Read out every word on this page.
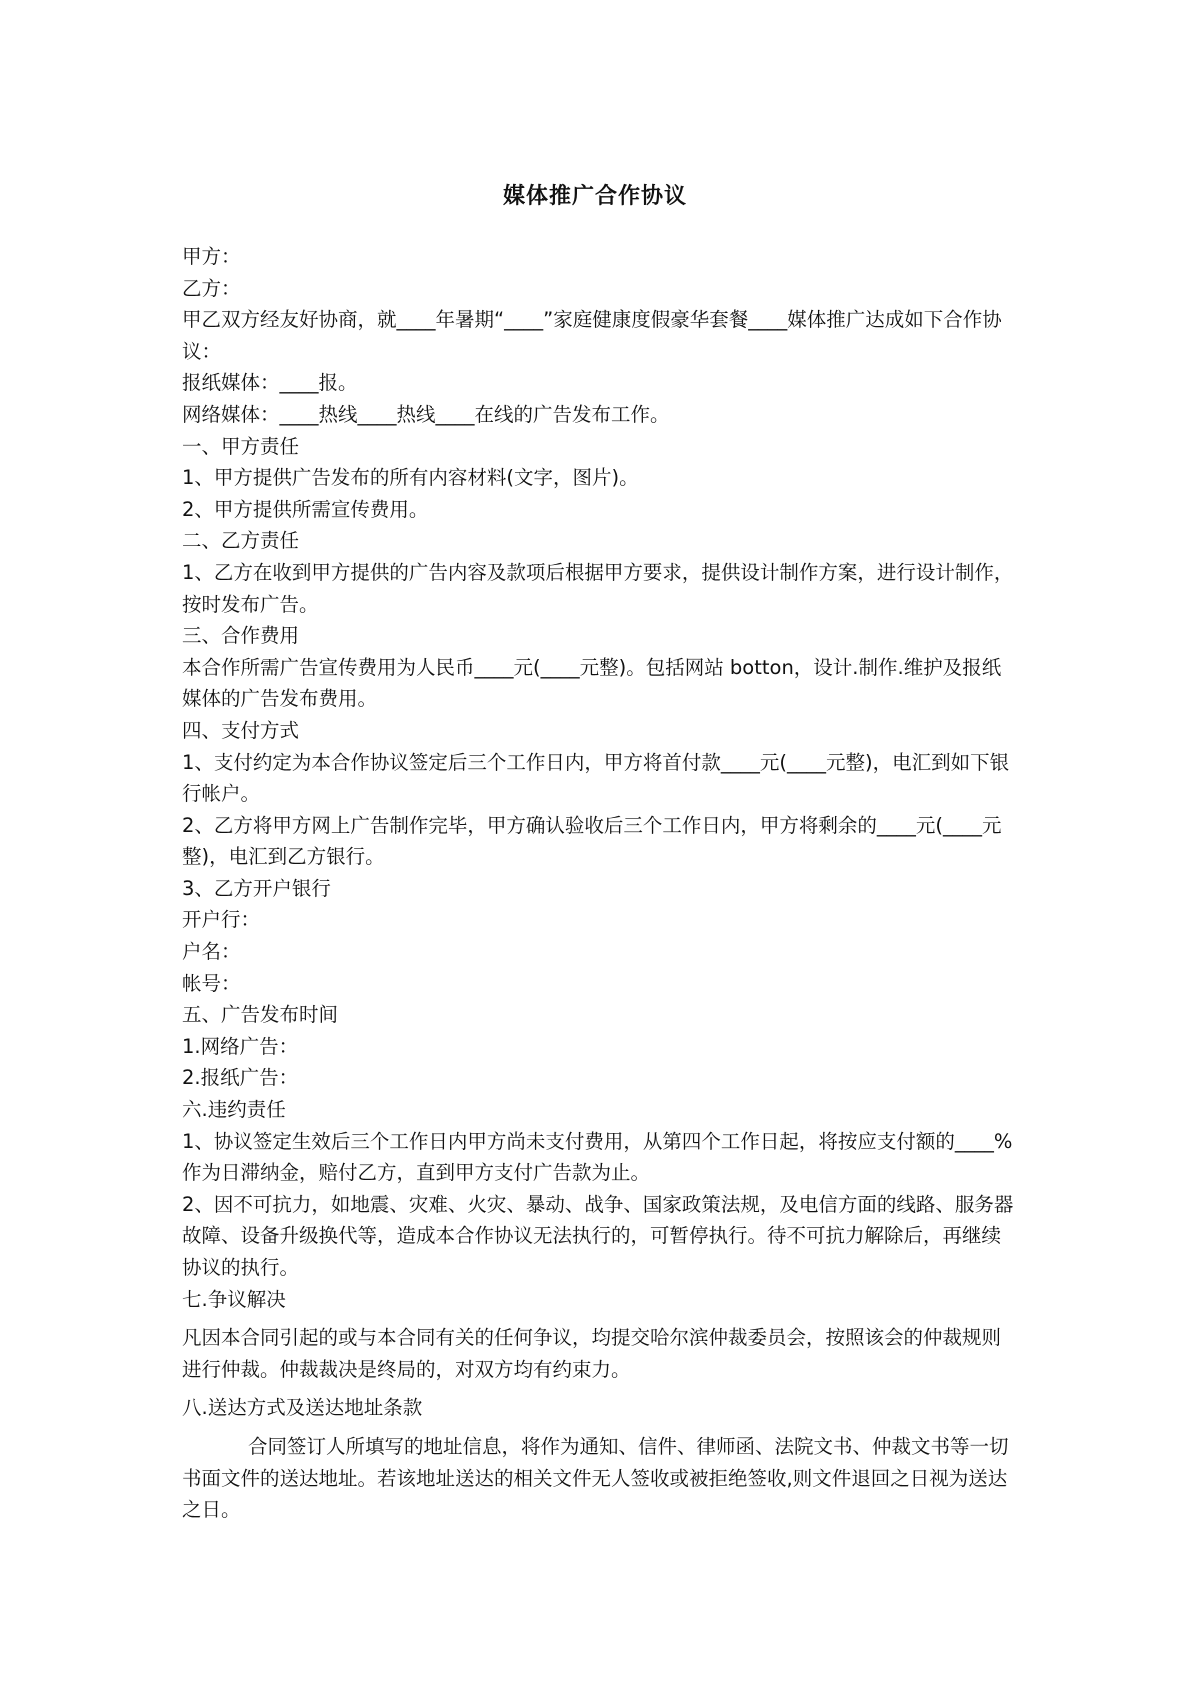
媒体推广合作协议

甲方：

乙方：

甲乙双方经友好协商，就____年暑期“____”家庭健康度假豪华套餐____媒体推广达成如下合作协议：

报纸媒体：____报。

网络媒体：____热线____热线____在线的广告发布工作。

一、甲方责任

1、甲方提供广告发布的所有内容材料(文字，图片)。

2、甲方提供所需宣传费用。

二、乙方责任

1、乙方在收到甲方提供的广告内容及款项后根据甲方要求，提供设计制作方案，进行设计制作，按时发布广告。

三、合作费用

本合作所需广告宣传费用为人民币____元(____元整)。包括网站 botton，设计.制作.维护及报纸媒体的广告发布费用。

四、支付方式

1、支付约定为本合作协议签定后三个工作日内，甲方将首付款____元(____元整)，电汇到如下银行帐户。

2、乙方将甲方网上广告制作完毕，甲方确认验收后三个工作日内，甲方将剩余的____元(____元整)，电汇到乙方银行。

3、乙方开户银行

开户行：

户名：

帐号：

五、广告发布时间

1.网络广告：

2.报纸广告：

六.违约责任

1、协议签定生效后三个工作日内甲方尚未支付费用，从第四个工作日起，将按应支付额的____%作为日滞纳金，赔付乙方，直到甲方支付广告款为止。

2、因不可抗力，如地震、灾难、火灾、暴动、战争、国家政策法规，及电信方面的线路、服务器故障、设备升级换代等，造成本合作协议无法执行的，可暂停执行。待不可抗力解除后，再继续协议的执行。

七.争议解决

凡因本合同引起的或与本合同有关的任何争议，均提交哈尔滨仲裁委员会，按照该会的仲裁规则进行仲裁。仲裁裁决是终局的，对双方均有约束力。

八.送达方式及送达地址条款

合同签订人所填写的地址信息，将作为通知、信件、律师函、法院文书、仲裁文书等一切书面文件的送达地址。若该地址送达的相关文件无人签收或被拒绝签收,则文件退回之日视为送达之日。
